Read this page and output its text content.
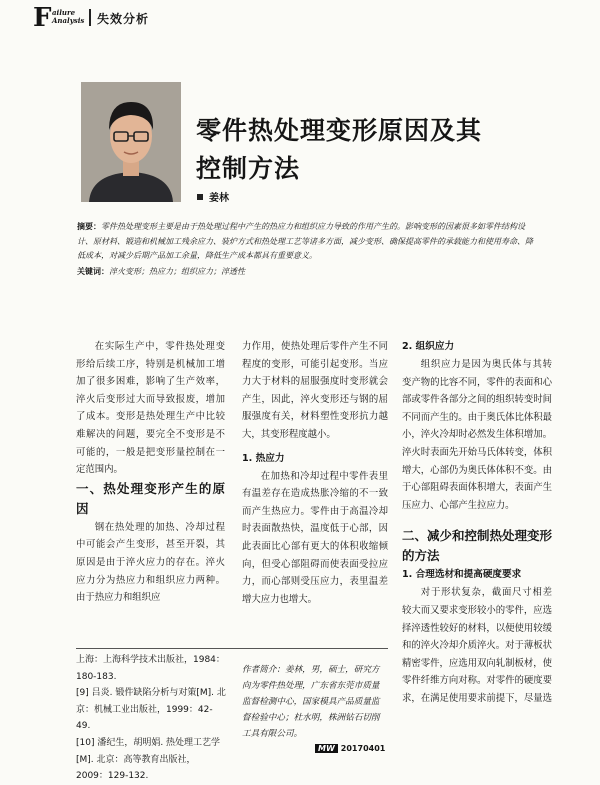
F ailure
Analysis 失效分析
零件热处理变形原因及其
控制方法
姜林
摘要：零件热处理变形主要是由于热处理过程中产生的热应力和组织应力导致的作用产生的。影响变形的因素很多如零件结构设计、原材料、锻造和机械加工残余应力、装炉方式和热处理工艺等诸多方面，减少变形、确保提高零件的承载能力和使用寿命、降低成本，对减少后期产品加工余量，降低生产成本都具有重要意义。
关键词：淬火变形；热应力；组织应力；淬透性

在实际生产中，零件热处理变形给后续工序，特别是机械加工增加了很多困难，影响了生产效率，淬火后变形过大而导致报废，增加了成本。变形是热处理生产中比较难解决的问题，要完全不变形是不可能的，一般是把变形量控制在一定范围内。

一、热处理变形产生的原因

钢在热处理的加热、冷却过程中可能会产生变形，甚至开裂，其原因是由于淬火应力的存在。淬火应力分为热应力和组织应力两种。由于热应力和组织应

力作用，使热处理后零件产生不同程度的变形，可能引起变形。当应力大于材料的屈服强度时变形就会产生，因此，淬火变形还与钢的屈服强度有关，材料塑性变形抗力越大，其变形程度越小。

1. 热应力

在加热和冷却过程中零件表里有温差存在造成热胀冷缩的不一致而产生热应力。零件由于高温冷却时表面散热快，温度低于心部，因此表面比心部有更大的体积收缩倾向，但受心部阻碍而使表面受拉应力，而心部则受压应力，表里温差增大应力也增大。

2. 组织应力

组织应力是因为奥氏体与其转变产物的比容不同，零件的表面和心部或零件各部分之间的组织转变时间不同而产生的。由于奥氏体比体积最小，淬火冷却时必然发生体积增加。淬火时表面先开始马氏体转变，体积增大，心部仍为奥氏体体积不变。由于心部阻碍表面体积增大，表面产生压应力、心部产生拉应力。

二、减少和控制热处理变形的方法

1. 合理选材和提高硬度要求

对于形状复杂，截面尺寸相差较大而又要求变形较小的零件，应选择淬透性较好的材料，以便使用较缓和的淬火冷却介质淬火。对于薄板状精密零件，应选用双向轧制板材，使零件纤维方向对称。对零件的硬度要求，在满足使用要求前提下，尽量选

上海：上海科学技术出版社，1984：180-183.
[9] 吕炎. 锻件缺陷分析与对策[M]. 北京：机械工业出版社，1999：42-49.
[10] 潘纪生，胡明娟. 热处理工艺学[M]. 北京：高等教育出版社，2009：129-132.
作者简介：姜林，男，硕士，研究方向为零件热处理，广东省东莞市质量监督检测中心，国家模具产品质量监督检验中心；杜水明，株洲钻石切削工具有限公司。
MW 20170401
